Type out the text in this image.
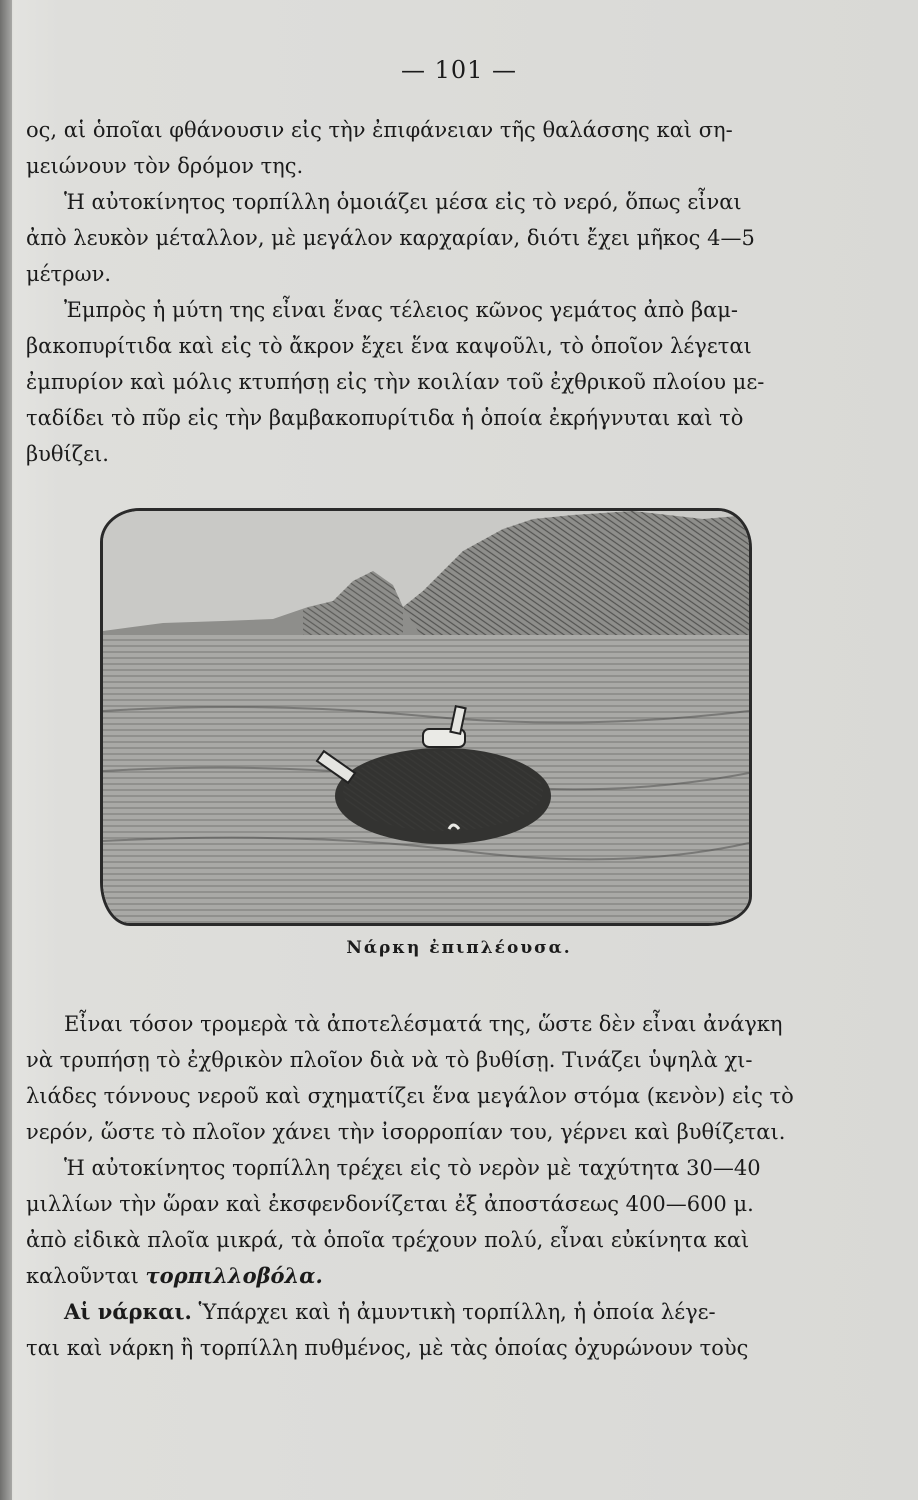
— 101 —
ος, αἱ ὁποῖαι φθάνουσιν εἰς τὴν ἐπιφάνειαν τῆς θαλάσσης καὶ ση-
μειώνουν τὸν δρόμον της.
Ἡ αὐτοκίνητος τορπίλλη ὁμοιάζει μέσα εἰς τὸ νερό, ὅπως εἶναι
ἀπὸ λευκὸν μέταλλον, μὲ μεγάλον καρχαρίαν, διότι ἔχει μῆκος 4—5
μέτρων.
Ἐμπρὸς ἡ μύτη της εἶναι ἕνας τέλειος κῶνος γεμάτος ἀπὸ βαμ-
βακοπυρίτιδα καὶ εἰς τὸ ἄκρον ἔχει ἕνα καψοῦλι, τὸ ὁποῖον λέγεται
ἐμπυρίον καὶ μόλις κτυπήσῃ εἰς τὴν κοιλίαν τοῦ ἐχθρικοῦ πλοίου με-
ταδίδει τὸ πῦρ εἰς τὴν βαμβακοπυρίτιδα ἡ ὁποία ἐκρήγνυται καὶ τὸ
βυθίζει.
Νάρκη ἐπιπλέουσα.
Εἶναι τόσον τρομερὰ τὰ ἀποτελέσματά της, ὥστε δὲν εἶναι ἀνάγκη
νὰ τρυπήσῃ τὸ ἐχθρικὸν πλοῖον διὰ νὰ τὸ βυθίσῃ. Τινάζει ὑψηλὰ χι-
λιάδες τόννους νεροῦ καὶ σχηματίζει ἕνα μεγάλον στόμα (κενὸν) εἰς τὸ
νερόν, ὥστε τὸ πλοῖον χάνει τὴν ἰσορροπίαν του, γέρνει καὶ βυθίζεται.
Ἡ αὐτοκίνητος τορπίλλη τρέχει εἰς τὸ νερὸν μὲ ταχύτητα 30—40
μιλλίων τὴν ὥραν καὶ ἐκσφενδονίζεται ἐξ ἀποστάσεως 400—600 μ.
ἀπὸ εἰδικὰ πλοῖα μικρά, τὰ ὁποῖα τρέχουν πολύ, εἶναι εὐκίνητα καὶ
καλοῦνται τορπιλλοβόλα.
Αἱ νάρκαι. Ὑπάρχει καὶ ἡ ἀμυντικὴ τορπίλλη, ἡ ὁποία λέγε-
ται καὶ νάρκη ἢ τορπίλλη πυθμένος, μὲ τὰς ὁποίας ὀχυρώνουν τοὺς
